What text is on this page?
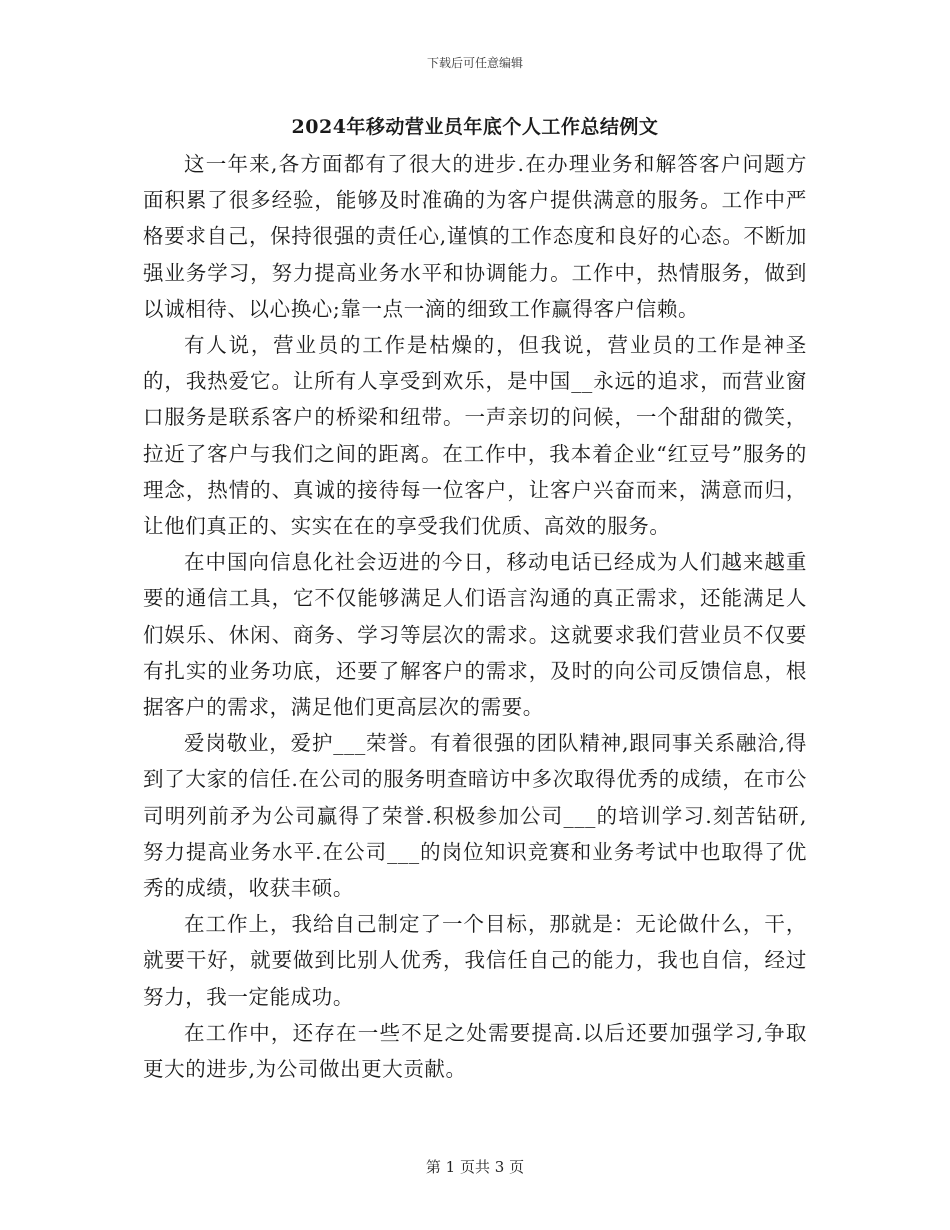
下载后可任意编辑
2024年移动营业员年底个人工作总结例文

这一年来,各方面都有了很大的进步.在办理业务和解答客户问题方面积累了很多经验，能够及时准确的为客户提供满意的服务。工作中严格要求自己，保持很强的责任心,谨慎的工作态度和良好的心态。不断加强业务学习，努力提高业务水平和协调能力。工作中，热情服务，做到以诚相待、以心换心;靠一点一滴的细致工作赢得客户信赖。

有人说，营业员的工作是枯燥的，但我说，营业员的工作是神圣的，我热爱它。让所有人享受到欢乐，是中国__永远的追求，而营业窗口服务是联系客户的桥梁和纽带。一声亲切的问候，一个甜甜的微笑，拉近了客户与我们之间的距离。在工作中，我本着企业“红豆号”服务的理念，热情的、真诚的接待每一位客户，让客户兴奋而来，满意而归，让他们真正的、实实在在的享受我们优质、高效的服务。

在中国向信息化社会迈进的今日，移动电话已经成为人们越来越重要的通信工具，它不仅能够满足人们语言沟通的真正需求，还能满足人们娱乐、休闲、商务、学习等层次的需求。这就要求我们营业员不仅要有扎实的业务功底，还要了解客户的需求，及时的向公司反馈信息，根据客户的需求，满足他们更高层次的需要。

爱岗敬业，爱护___荣誉。有着很强的团队精神,跟同事关系融洽,得到了大家的信任.在公司的服务明查暗访中多次取得优秀的成绩，在市公司明列前矛为公司赢得了荣誉.积极参加公司___的培训学习.刻苦钻研,努力提高业务水平.在公司___的岗位知识竞赛和业务考试中也取得了优秀的成绩，收获丰硕。

在工作上，我给自己制定了一个目标，那就是：无论做什么，干，就要干好，就要做到比别人优秀，我信任自己的能力，我也自信，经过努力，我一定能成功。

在工作中，还存在一些不足之处需要提高.以后还要加强学习,争取更大的进步,为公司做出更大贡献。

第 1 页共 3 页
